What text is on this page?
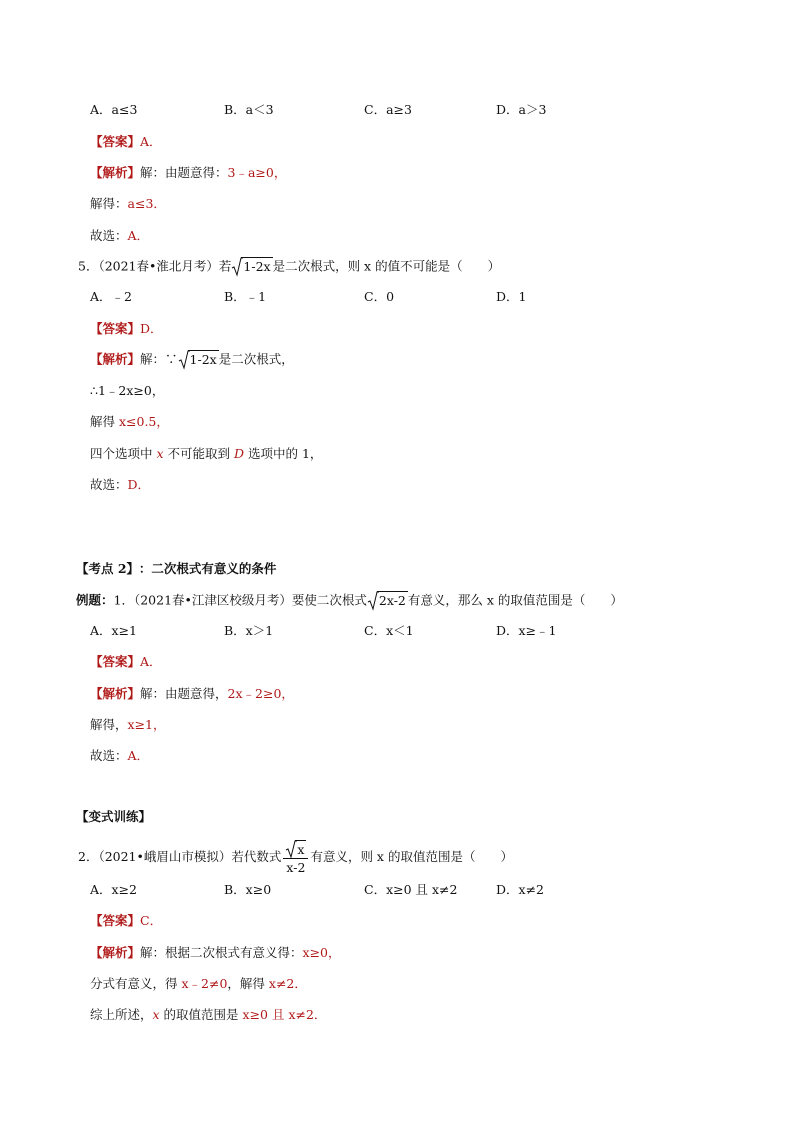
A．a≤3	B．a＜3	C．a≥3	D．a＞3
【答案】A．
【解析】解：由题意得：3﹣a≥0，
解得：a≤3．
故选：A．
5．（2021春•淮北月考）若 1-2x 是二次根式，则 x 的值不可能是（　　）
A．﹣2	B．﹣1	C．0	D．1
【答案】D．
【解析】解：∵ 1-2x 是二次根式，
∴1﹣2x≥0，
解得 x≤0.5，
四个选项中 x 不可能取到 D 选项中的 1，
故选：D．
【考点 2】 ：二次根式有意义的条件
例题：1．（2021春•江津区校级月考）要使二次根式 2x-2 有意义，那么 x 的取值范围是（　　）
A．x≥1	B．x＞1	C．x＜1	D．x≥﹣1
【答案】A．
【解析】解：由题意得，2x﹣2≥0，
解得，x≥1，
故选：A．
【变式训练】
2．（2021•峨眉山市模拟）若代数式 $\frac{x}{x-2}$ 有意义，则 x 的取值范围是（　　）
A．x≥2	B．x≥0	C．x≥0 且 x≠2	D．x≠2
【答案】C．
【解析】解：根据二次根式有意义得：x≥0，
分式有意义，得 x﹣2≠0，解得 x≠2．
综上所述，x 的取值范围是 x≥0 且 x≠2．
